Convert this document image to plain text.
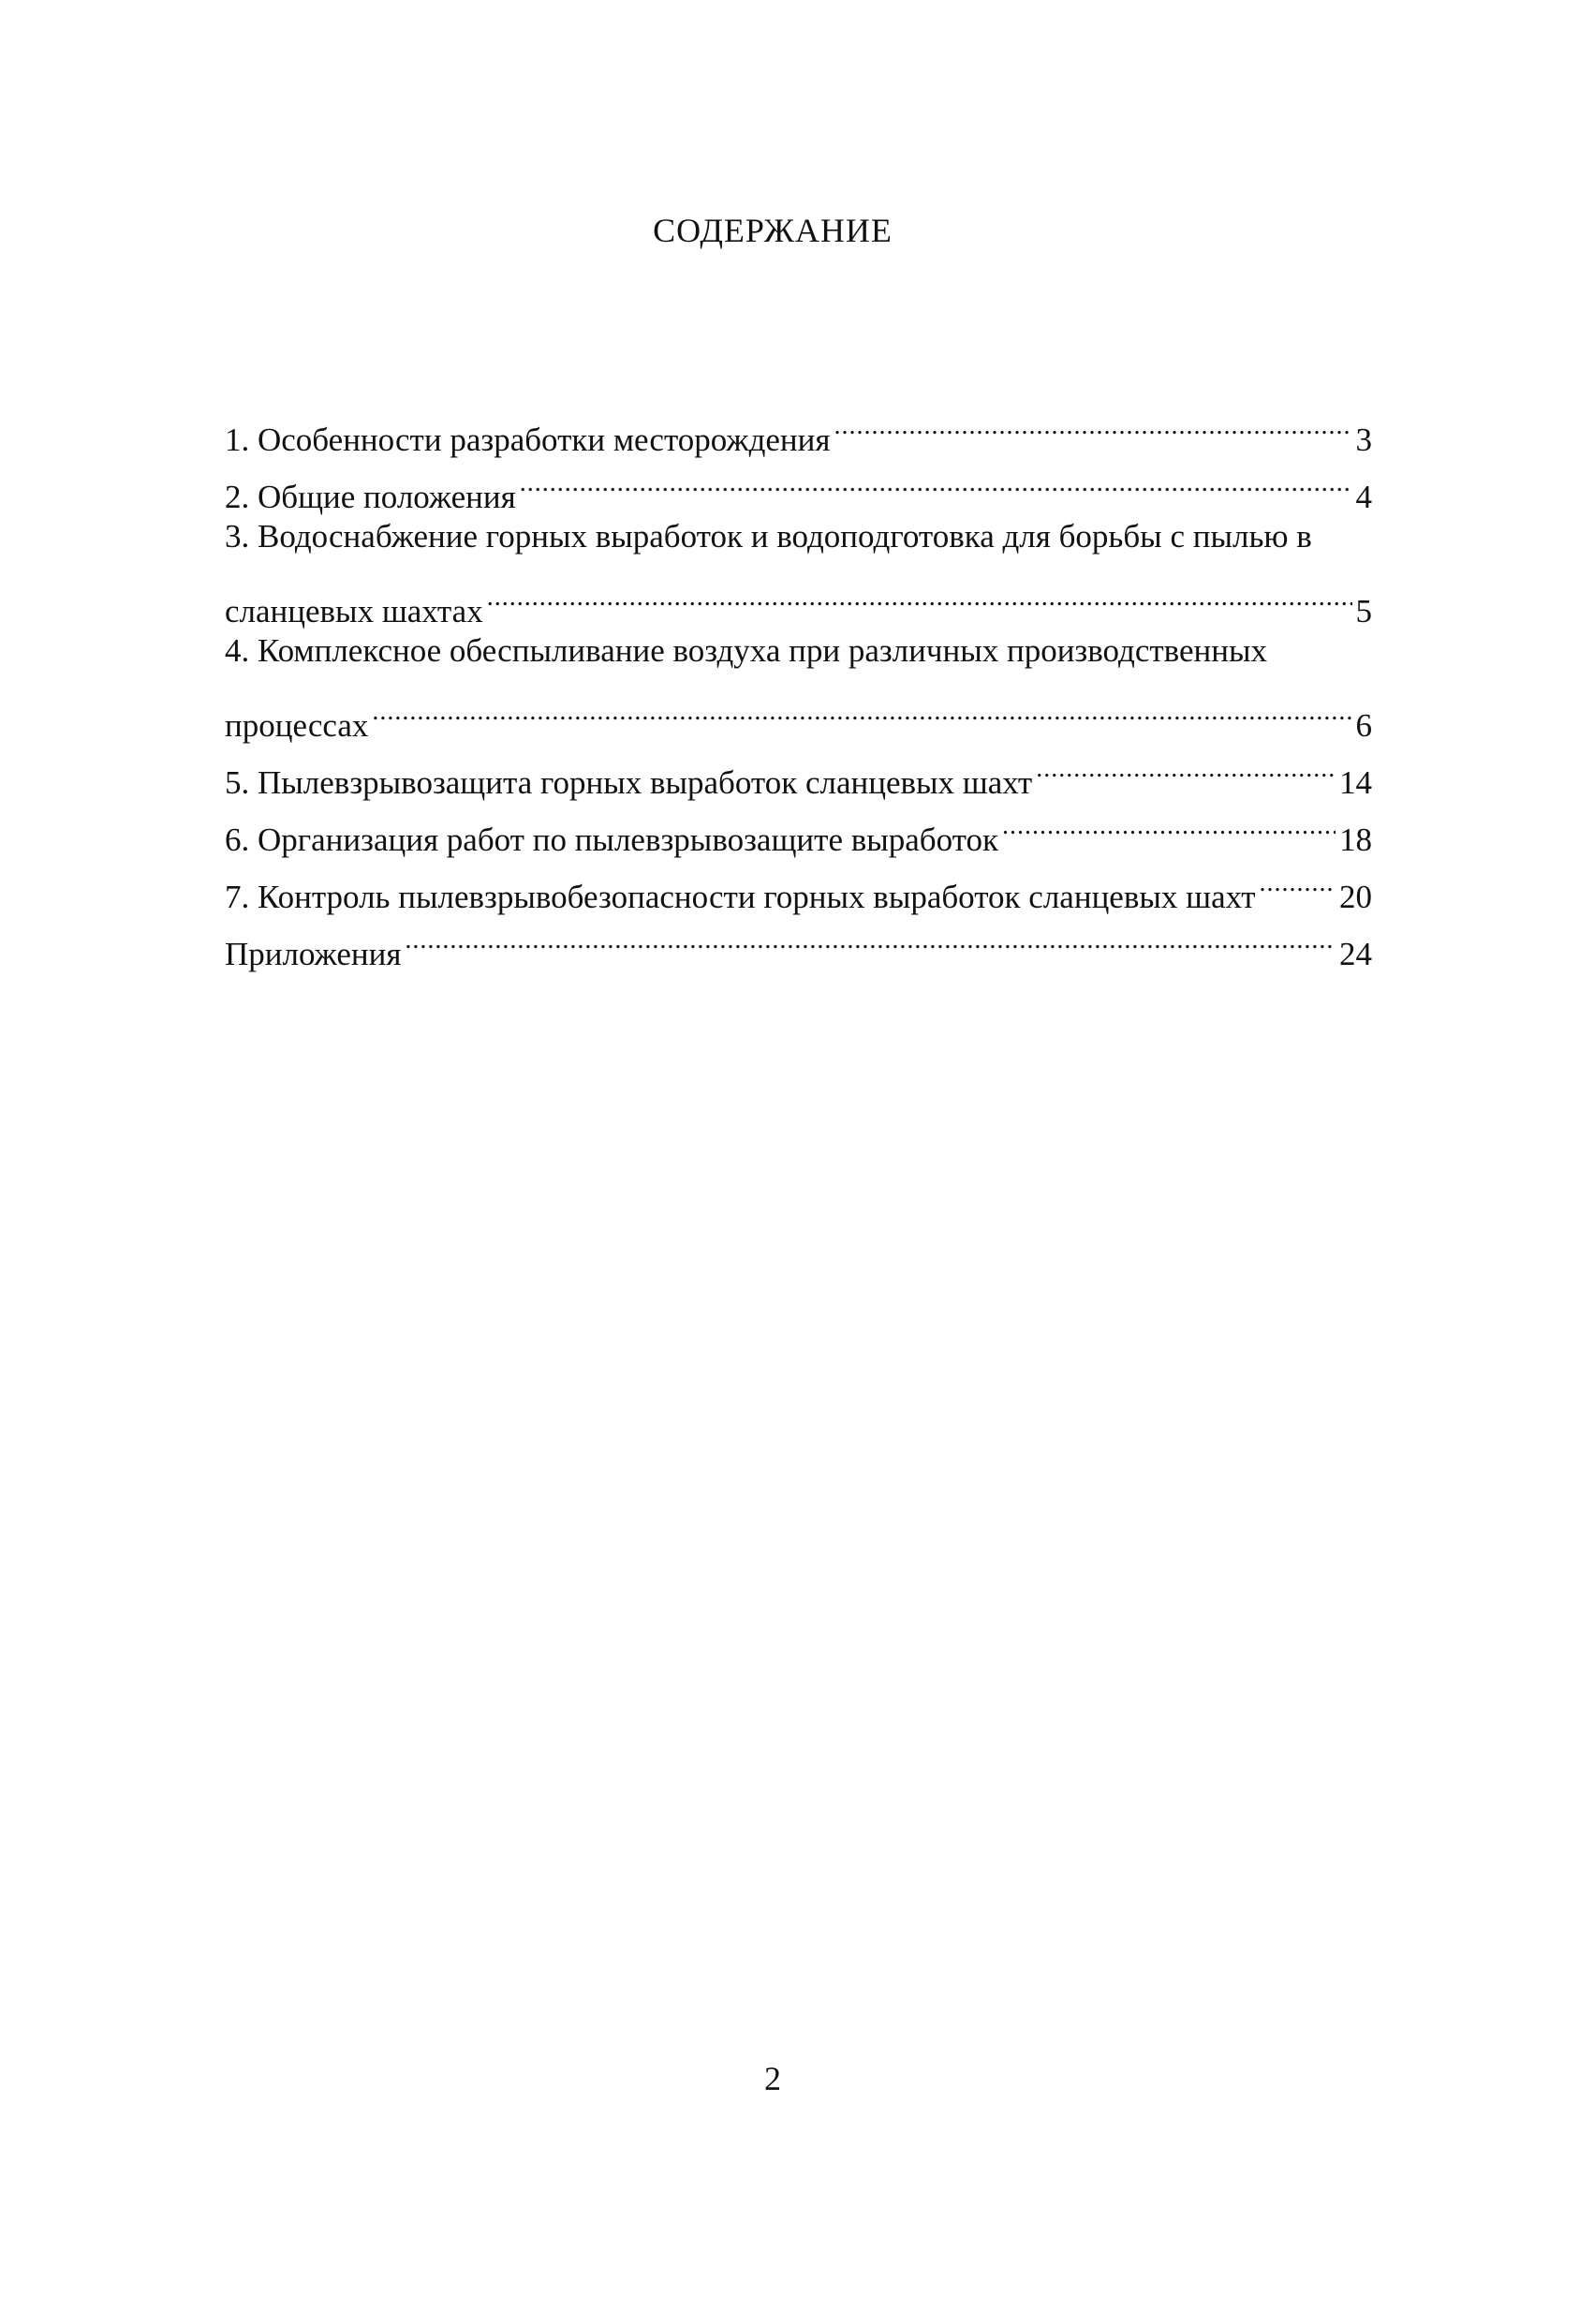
СОДЕРЖАНИЕ
1. Особенности разработки месторождения .....	3
2. Общие положения .....	4
3. Водоснабжение горных выработок и водоподготовка для борьбы с пылью в
сланцевых шахтах .....	5
4. Комплексное обеспыливание воздуха при различных производственных
процессах .....	6
5. Пылевзрывозащита горных выработок сланцевых шахт .....	14
6. Организация работ по пылевзрывозащите выработок .....	18
7. Контроль пылевзрывобезопасности горных выработок сланцевых шахт .....	20
Приложения .....	24
2
